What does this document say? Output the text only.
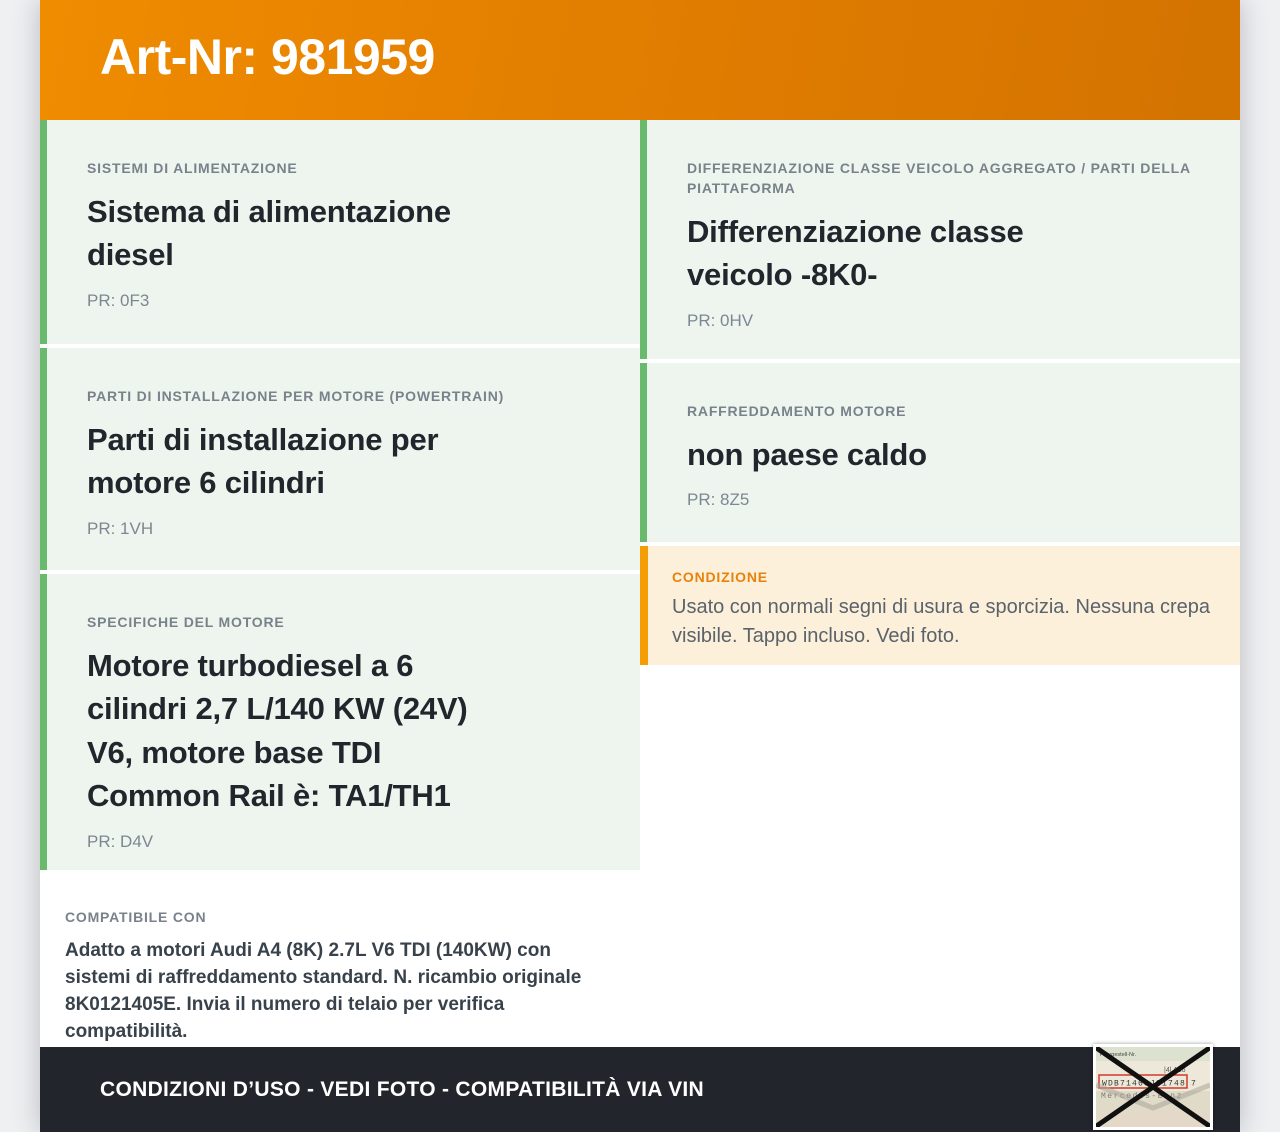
Art-Nr: 981959
SISTEMI DI ALIMENTAZIONE
Sistema di alimentazione diesel
PR: 0F3
PARTI DI INSTALLAZIONE PER MOTORE (POWERTRAIN)
Parti di installazione per motore 6 cilindri
PR: 1VH
SPECIFICHE DEL MOTORE
Motore turbodiesel a 6 cilindri 2,7 L/140 KW (24V) V6, motore base TDI Common Rail è: TA1/TH1
PR: D4V
COMPATIBILE CON
Adatto a motori Audi A4 (8K) 2.7L V6 TDI (140KW) con sistemi di raffreddamento standard. N. ricambio originale 8K0121405E. Invia il numero di telaio per verifica compatibilità.
DIFFERENZIAZIONE CLASSE VEICOLO AGGREGATO / PARTI DELLA PIATTAFORMA
Differenziazione classe veicolo -8K0-
PR: 0HV
RAFFREDDAMENTO MOTORE
non paese caldo
PR: 8Z5
CONDIZIONE
Usato con normali segni di usura e sporcizia. Nessuna crepa visibile. Tappo incluso. Vedi foto.
CONDIZIONI D’USO - VEDI FOTO - COMPATIBILITÀ VIA VIN
Fahrgestell-Nr.
|4| A16
WDB71463J31748 7
Mercedes-Benz
